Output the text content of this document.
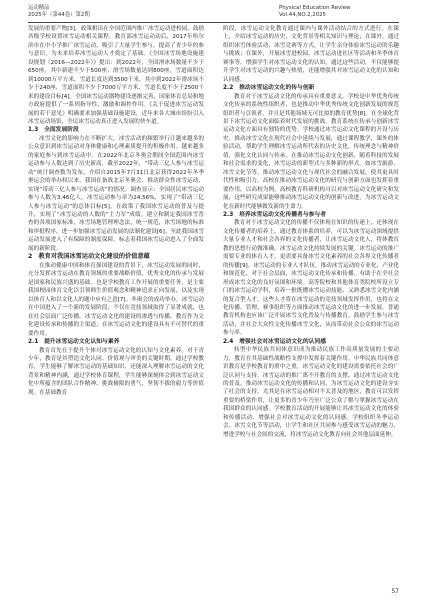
运动精品
2025年（第44卷）第2期
Physical Education Review
Vol.44,NO.2,2025

发展的重要产物[3]。政策相出在全国范围内推广冰雪运动进校园，鼓励各级学校设置冰雪运动相关课程。教育部冰雪运动动后，2017年哈尔滨市在中小学推广冰雪运动，吸引了大量学生参与，提高了青少年的参与意识，为未来培养冰雪运动人才奠定了基础。《全国冰雪场地设施建设规划（2016—2022年）》提出：到2022年，全国滑冰场数量不少于650座，其中新建不少于500座；滑雪场数量达到800座，雪道面积达到10000万平方米，雪道长度达到3500千米。其中到2022年滑冰场不少于240座，雪道面积不少于7000万平方米、雪道长度不少于2500千米的建设目标[4]。全国冰雪运动器物建设逐渐完善，国家体育总局和地方政府提供了一系列指导性、激励和调控作用。《关于促进冰雪运动发展的若干意见》明确要求加强基础设施建设，近年来各大城市纷纷引入冰雪运动场馆，全民冰雪运动真正进入发展的快车道。

1.3　全面发展阶段

冰雪文化的影响力在不断扩大，冰雪活动的频繁举行让越来越多的公众意识到冰雪运动对身体健康和心理素质提升的积极作用。越来越多的家庭参与到冰雪运动中。在2022年北京冬奥会期间全国范围内冰雪运动参与人数达到了历史新高，截至2022年，“带动三亿人参与冰雪运动”统计调查数为发布，介绍自2015年7月31日北京获得2022年冬季奥运会的举办权以来，我国在备战北京冬奥会、推动群众性冰雪运动、实现“带动三亿人参与冰雪运动”的情况。调查显示：全国居民冰雪运动参与人数为3.46亿人，冰雪运动参与率为24.56%，实现了“带动三亿人参与冰雪运动”的总体目标[5]。在政策了我国冰雪运动的普及与提升，实现了“冰雪运动的人数的“主力军”成绩。建立和制定我国冰雪普查的各项国家标准，冰雪场地管理理念法，统一规范，冰雪场地的标准和审批程序，进一步加强冰雪运动发展的法制化建设[6]。至此我国冰雪运动发展进入了有保障的制度保障，标志着我国冰雪运动进入了全面发展的新阶段。

2　教育对我国冰雪运动文化建设的价值意蕴

在推动健康中国和体育强国建设的背景下，冰雪运动发展的同时，充分发挥冰雪运动在教育领域的重要战略价值，优秀文化的传承与发展是国家和民族兴盛的基础。也是学校教育工作开展的重要任务，是主要我国校园体育文化以引领师生价值观念和精神追求正向发展，以及实现以体育人和以文化人的题中应有之意[7]。冬奥会的成功举办，冰雪运动在中国进入了一个新的发展阶段，不仅在竞技领域取得了显著成就，也在社会层面广泛传播。冰雪运动文化的建设的渗透与传播，教育作为文化建设传承和传播的主渠道，在冰雪运动文化的建设具有不可替代的重要作用。

2.1　提升冰雪运动文化认知与素养

教育首先在于提升个体对冰雪运动文化的认知与文化素养。对于青少年，教育是其塑造文化认同、价值观与审美的关键时期，通过学校教育，学生能够了解冰雪运动的基础知识、还能深入理解冰雪运动的文化背景和精神内涵，通过学校体育课程，学生能够深刻体会到冰雪运动文化中所蕴含的团队合作精神、挑战极限的勇气，坚韧不拔的毅力等价值观。在基础教育

阶段，冰雪运动文化教育通过课内与课外活动结合的方式进行。在课上，介绍冰雪运动的历史、文化背景等相关知识与理论；在课外，通过组织冰雪体验活动、冰雪竞赛等方式，让学生亲身体验冰雪运动的乐趣与挑战；在课外，开展冰雪进校园、冰雪运动进社区等活动和冬季体育赛事等，增强学生对冰雪运动文化的认知，通过这些活动，不仅能够提升学生对冰雪运动的兴趣与热情，还能增强其对冰雪运动文化的认知和认同感。

2.2　推动冰雪运动文化的传与创新

教育对于冰雪运动文化的传承具有重要意义。学校是中华优秀传统文化传承的系统性组织者，也是推动中华优秀传统文化创新发展的规范组织者与引领者，并且是其他场域无可比拟的教育优势[8]。在全球化背景下冰雪运动文化面临着时代发展的挑战。教育系统在传承与创新冰雪运动文化方面具有独特的优势。学校通过冰雪运动文化课程的开设与历史、推动冰雪文化在现代社会中延续与发展，通过课程教学，课外的体验活动，帮助学生理解冰雪运动所代表的历史文化，传统理念与精神价值，强化文化认同与传承。在推动冰雪运动文化创新，随着科技的发展和社会需求的变化，冰雪运动的新型式与多种新的形式。如冰雪旅游、冰雪文化节等，推动冰雪运动文化与现代社会的融合发展，使其更具时代性和吸引力。高校在推动冰雪运动文化的研究与创新方面也发挥着重要作用，以高校为例，高校教育科研机构可以对冰雪运动文化研究和发展，这些研究成果能够推动冰雪运动文化的创新与改进，为冰雪运动文化在新时代能够做发新的生命力。

2.3　培养冰雪运动文化传播者与参与者

教育对于冰雪运动文化的传播不仅体现在知识的传递上，还体现在文化传播者的培养上。通过教育体系的培养，可以为冰雪运动领域提供大量专业人才和社会各界的文化传播者，让冰雪运动文化人，将体教育教的思想行动做准确。冰雪运动文化持续发展的关键。冰雪运动的推广需要专业的体育人才，更需要具备冰雪文化素养的社会各界文化传播者的传播[9]。冰雪运动的专业人才队伍，推动冰雪运动的专业化、产业化和规范化。对于社会层面，冰雪运动文化传承和传播，有助于在全社会形成冰雪文化的良好氛围和环境。高等院校和其他体育类院校所设立专门的冰雪运动学科，培养一批既懂冰雪运动技能、又熟悉冰雪文化内涵的复合型人才，这些人才将在冰雪运动的竞技领域发挥作用，也将在文化传播、管理、赛事组织等方面推动冰雪运动文化的进一步发展。普通教育机构也应该广泛开展冰雪文化普及与传播教育，鼓励学生参与冰雪活动，并社会大众性文化传播冰雪文化，从而带动社会公众的冰雪运动参与率。

2.4　增强社会对冰雪运动文化的认同感

转型中华民族共同体意识成为推动民族工作高质量发展的主要动力，教育在其基础性战略性支撑中发挥着关键作用，中华民族共同体意识教育是学校教育的重中之重，冰雪运动文化的建设需要依托社会的广泛认同与支持。冰雪运动的推广离不开教育的支撑，通过冰雪运动文化的普及，推动冰雪运动文化的传播和认同，为冰雪运动文化的建设夯实了社会的支持。尤其是在冰雪运动相对不太普及的地区，教育可以发挥重要的桥梁作用，让更多的青少年乃至广泛公众了解与掌握冰雪运动在我国群众的认同感。学校教育活动的开展能够让其冰雪运动文化的体验和传播活动、增强社会对冰雪运动文化的认同感。学校组织冬季运动会、冰雪文化节等活动，让学生和社区共同参与感受冰雪运动的魅力，增进学校与社会间的交流，将冰雪运动文化教育向社会其他层面延伸。

57
